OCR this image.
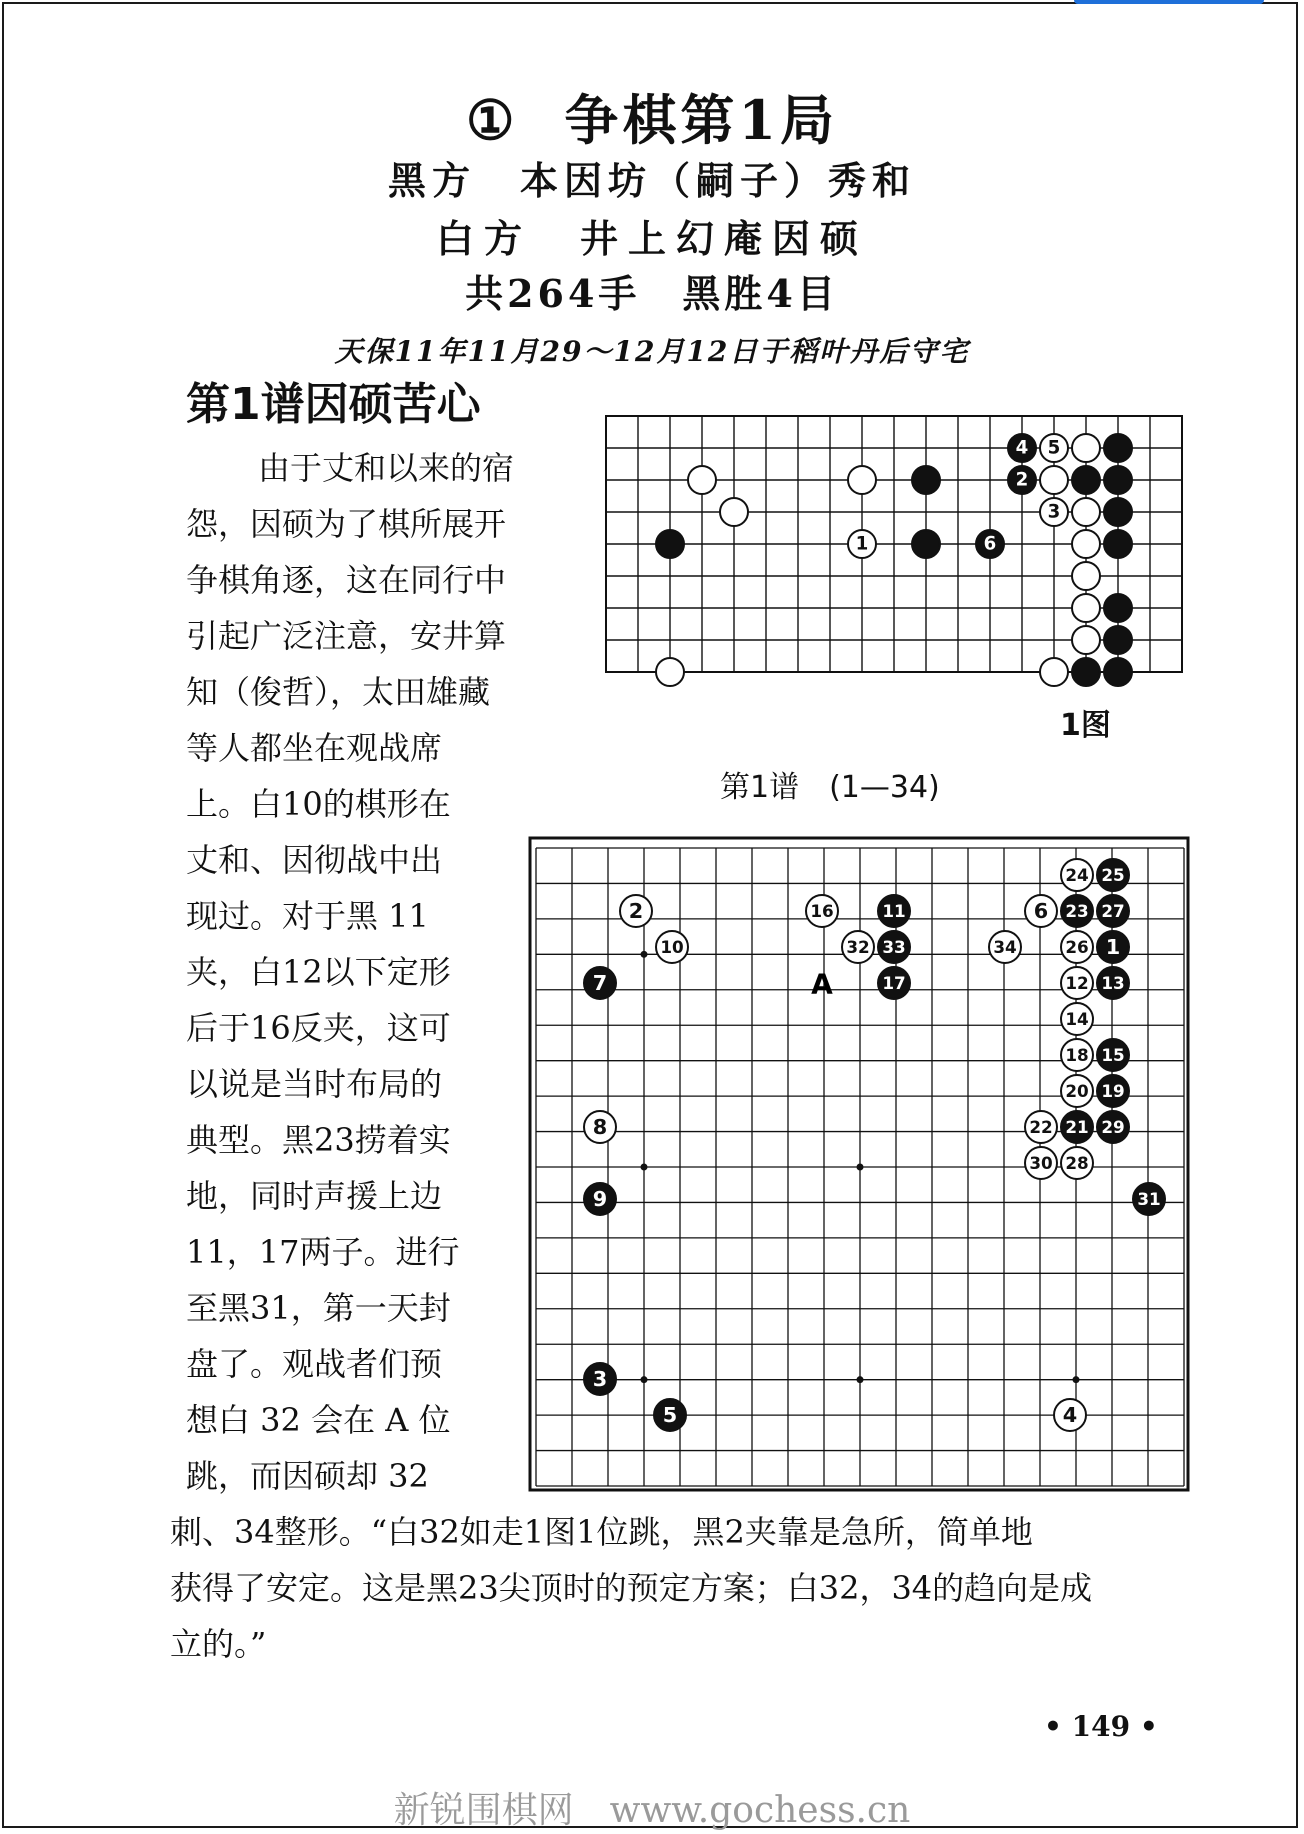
① 争棋第1局
黑方　本因坊（嗣子）秀和
白方　井上幻庵因硕
共264手　黑胜4目
天保11年11月29～12月12日于稻叶丹后守宅
第1谱因硕苦心
由于丈和以来的宿
怨，因硕为了棋所展开
争棋角逐，这在同行中
引起广泛注意，安井算
知（俊哲），太田雄藏
等人都坐在观战席
上。白10的棋形在
丈和、因彻战中出
现过。对于黑 11
夹，白12以下定形
后于16反夹，这可
以说是当时布局的
典型。黑23捞着实
地，同时声援上边
11，17两子。进行
至黑31，第一天封
盘了。观战者们预
想白 32 会在 A 位
跳，而因硕却 32
刺、34整形。“白32如走1图1位跳，黑2夹靠是急所，简单地
获得了安定。这是黑23尖顶时的预定方案；白32，34的趋向是成
立的。”
4 5
2
3
1	6
1图
第1谱　(1—34)
A
25
24
27
23
6
1
26
34
13
12
14
15
18
19
20
29
21
22
28
30
31
2
10
7
16	11
32 33
17
8
9
3
5	4
• 149 •
新锐围棋网　www.gochess.cn
